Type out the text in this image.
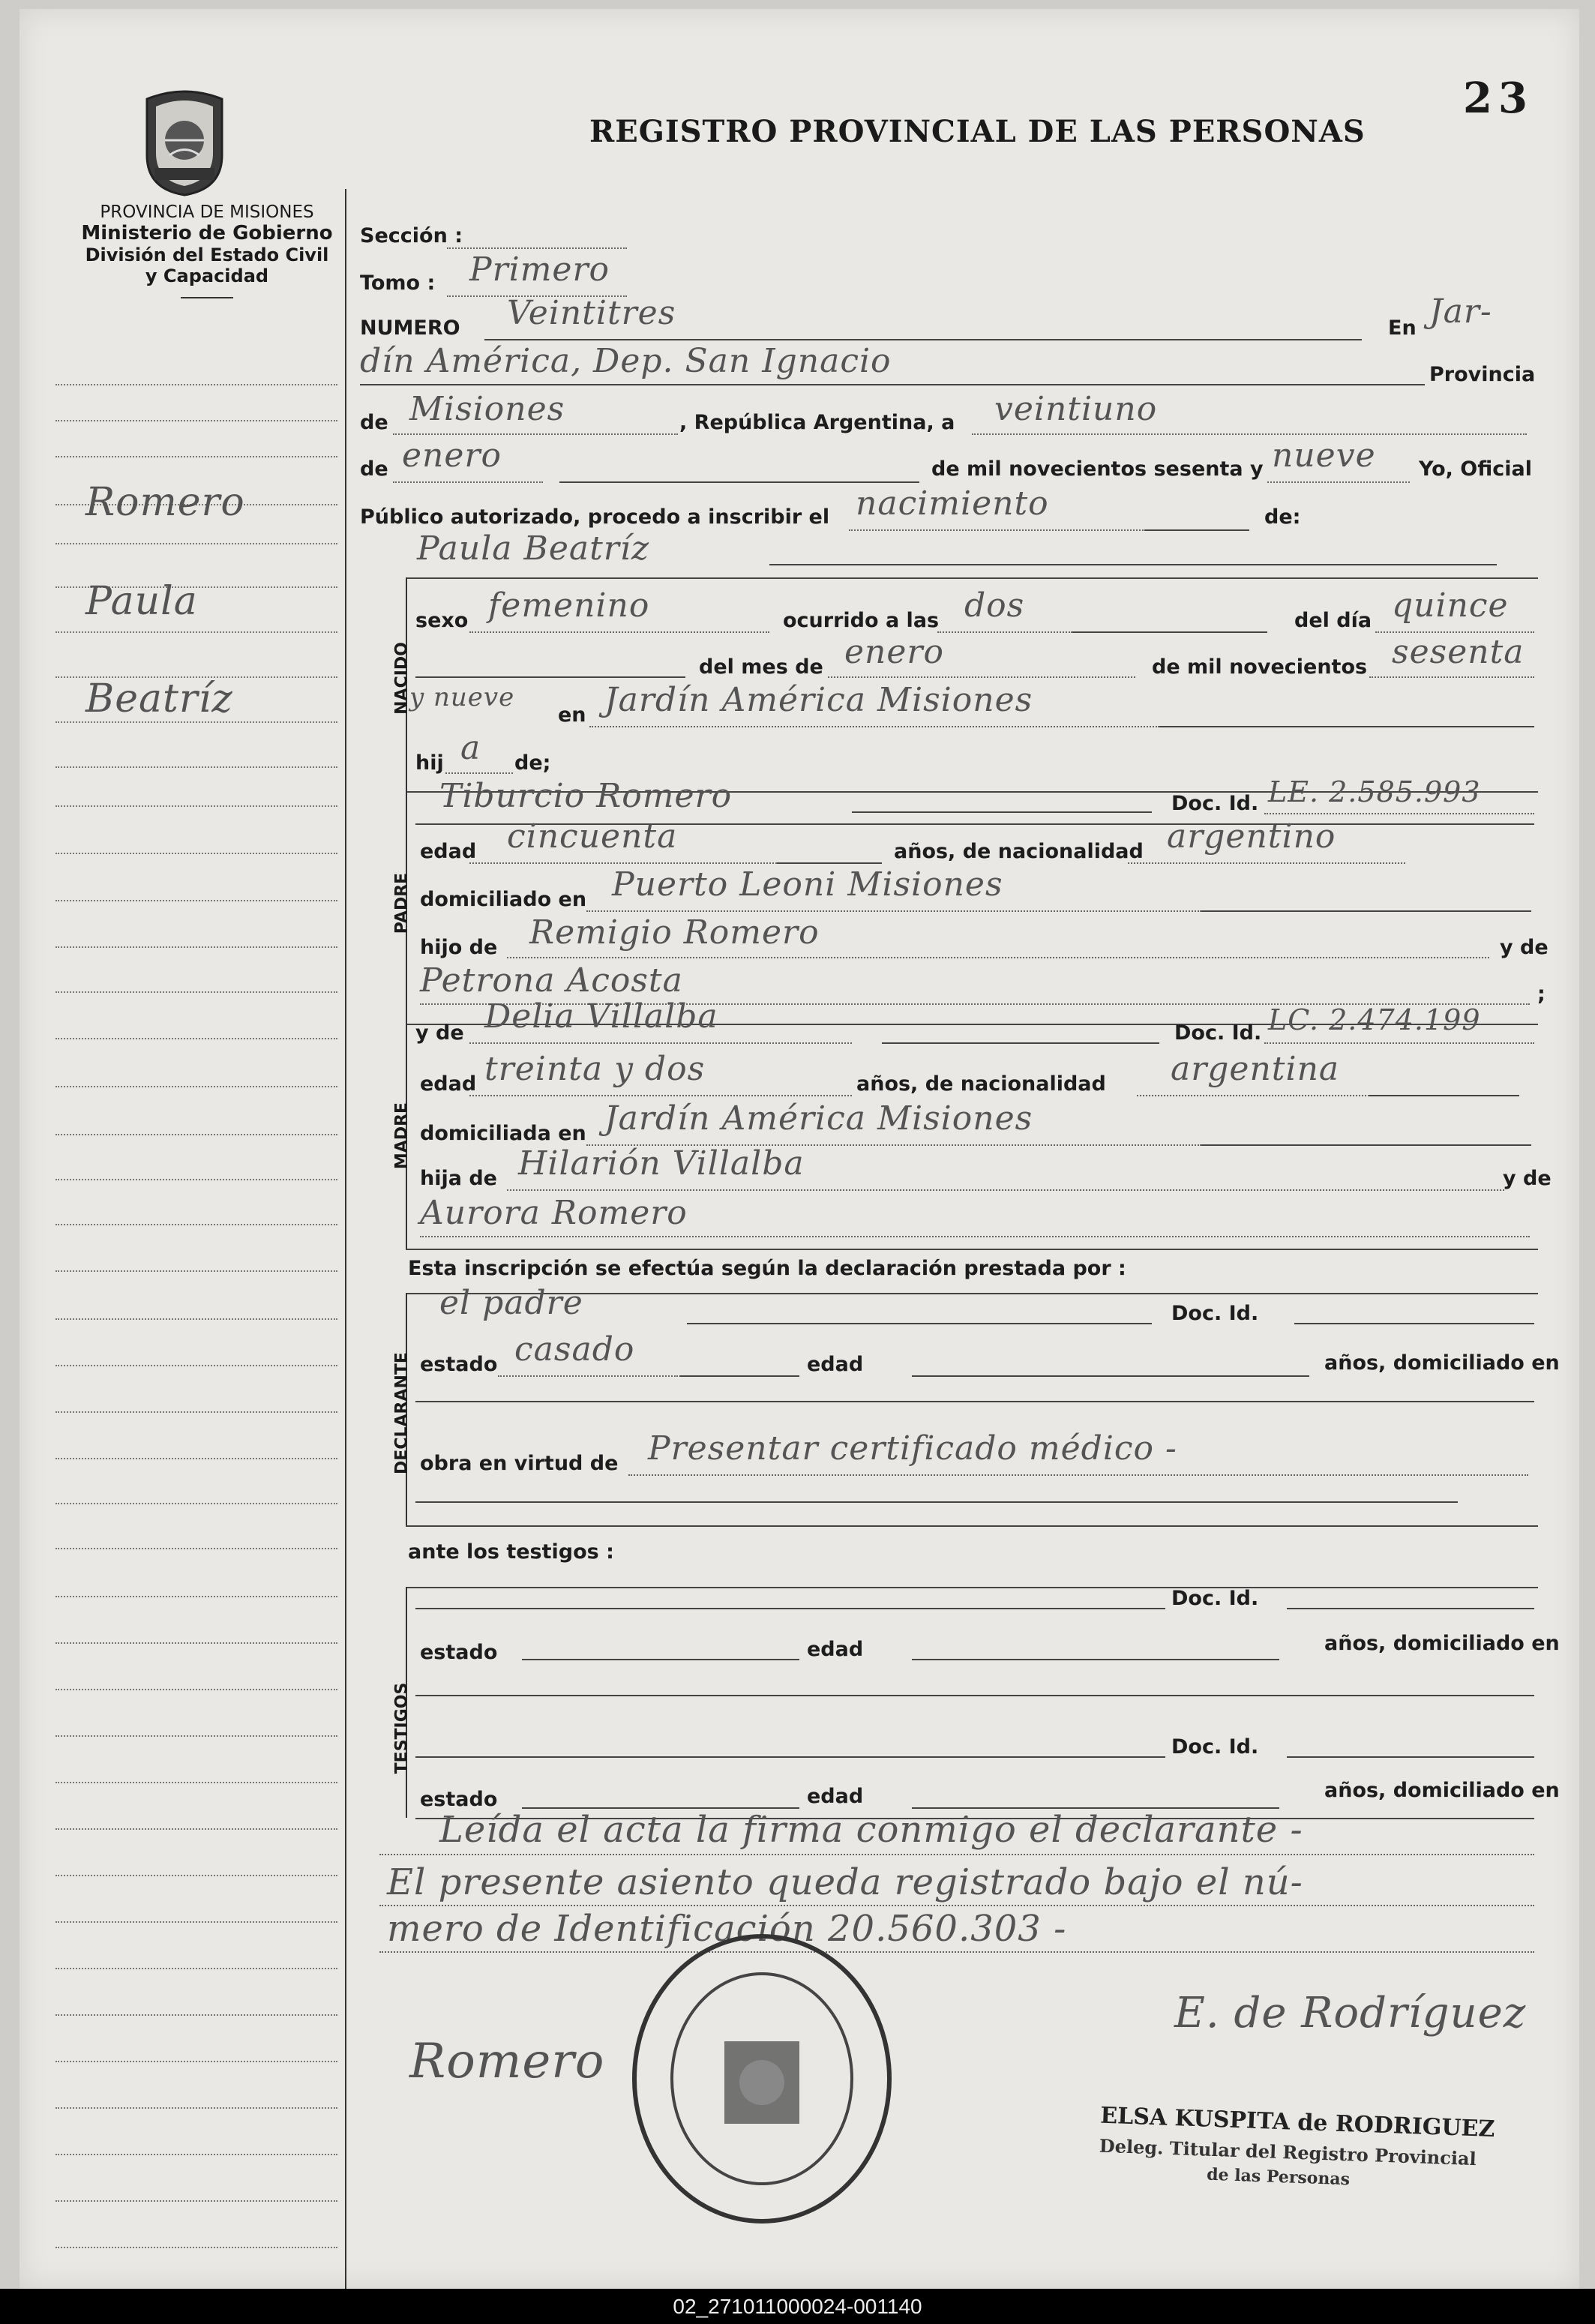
PROVINCIA DE MISIONES
Ministerio de Gobierno
División del Estado Civil
y Capacidad
REGISTRO PROVINCIAL DE LAS PERSONAS
23
Romero
Paula
Beatríz
Sección :
Tomo : Primero
NUMERO Veintitres	En Jar-
dín América, Dep. San Ignacio	Provincia
de Misiones	, República Argentina, a veintiuno
de enero	de mil novecientos sesenta y nueve Yo, Oficial
Público autorizado, procedo a inscribir el nacimiento	de:
Paula Beatríz
NACIDO
sexo femenino	ocurrido a las dos	del día quince
del mes de enero	de mil novecientos sesenta
y nueve
en Jardín América Misiones
hij a de;
PADRE
Tiburcio Romero	Doc. Id. LE. 2.585.993
edad cincuenta	años, de nacionalidad argentino
domiciliado en Puerto Leoni Misiones
hijo de Remigio Romero	y de
Petrona Acosta	;
MADRE
y de Delia Villalba	Doc. Id. LC. 2.474.199
edad treinta y dos	años, de nacionalidad argentina
domiciliada en Jardín América Misiones
hija de Hilarión Villalba	y de
Aurora Romero
Esta inscripción se efectúa según la declaración prestada por :
DECLARANTE
el padre	Doc. Id.
estado casado	edad	años, domiciliado en
obra en virtud de Presentar certificado médico -
ante los testigos :
TESTIGOS
Doc. Id.
estado	edad	años, domiciliado en
Doc. Id.
estado	edad	años, domiciliado en
Leída el acta la firma conmigo el declarante -
El presente asiento queda registrado bajo el nú-
mero de Identificación 20.560.303 -
Romero
E. de Rodríguez
ELSA KUSPITA de RODRIGUEZ
Deleg. Titular del Registro Provincial
de las Personas
02_271011000024-001140
